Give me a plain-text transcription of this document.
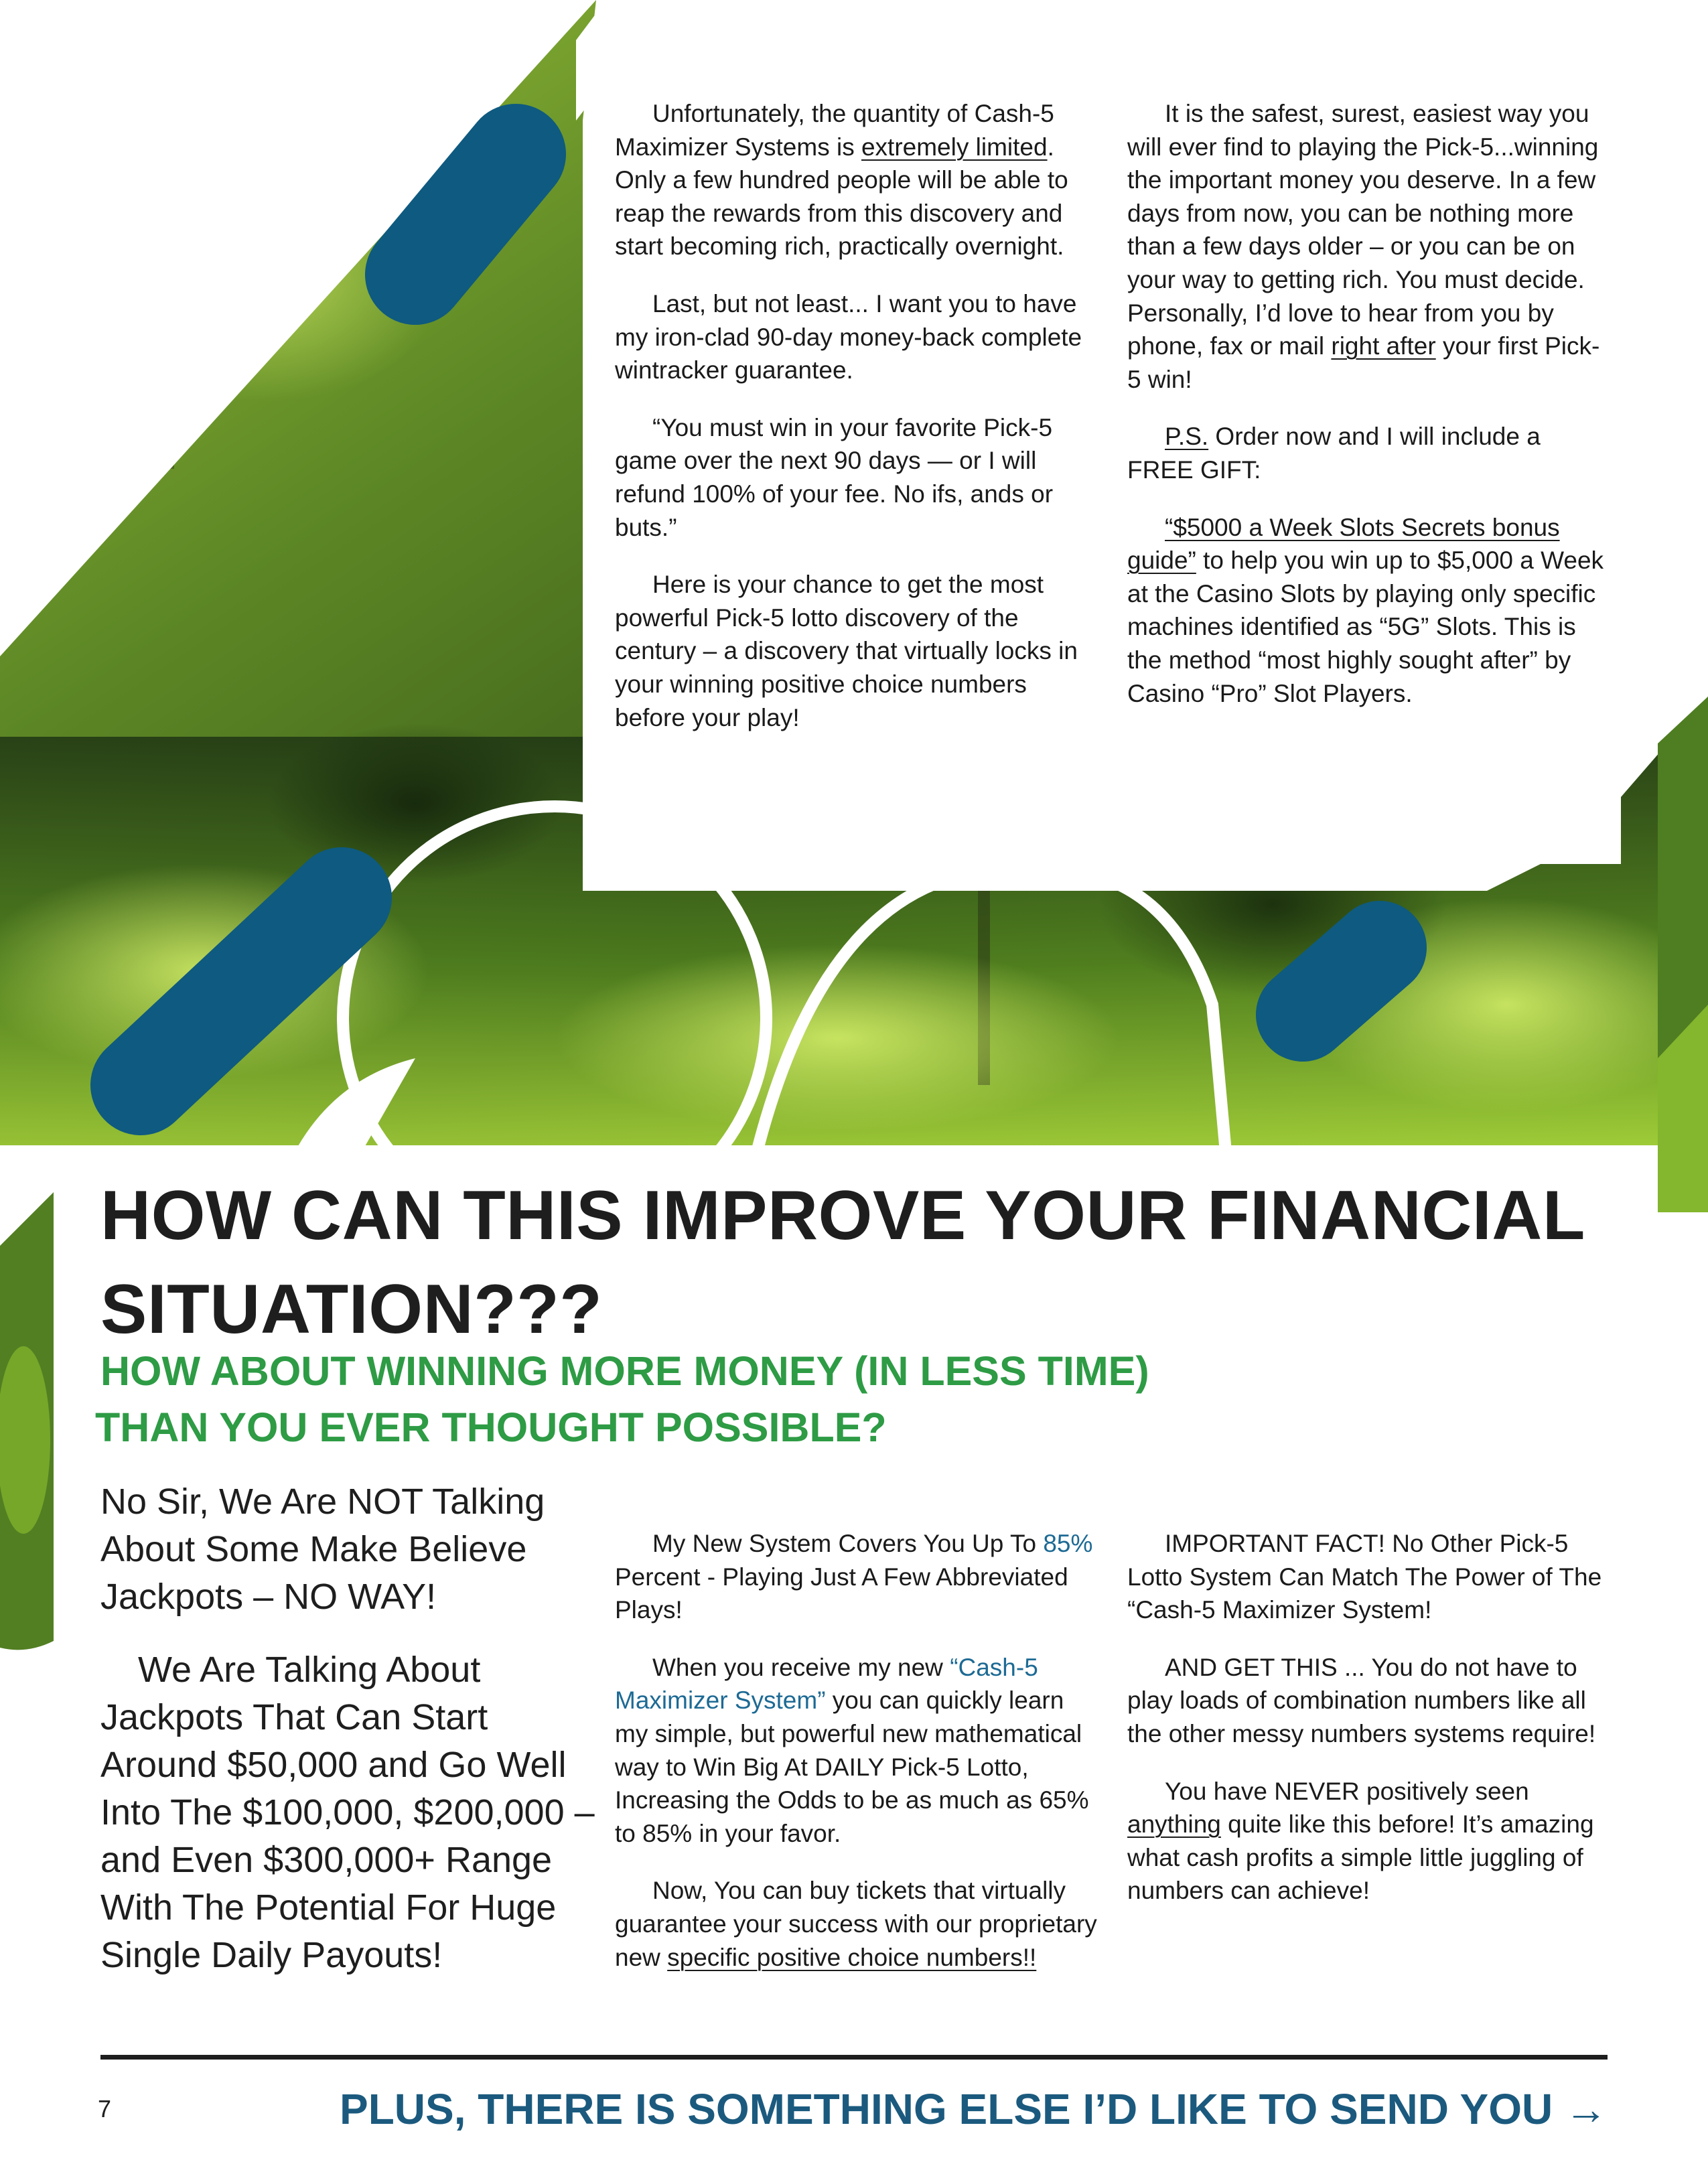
Unfortunately, the quantity of Cash-5 Maximizer Systems is extremely limited. Only a few hundred people will be able to reap the rewards from this discovery and start becoming rich, practically overnight.

Last, but not least... I want you to have my iron-clad 90-day money-back complete wintracker guarantee.

“You must win in your favorite Pick-5 game over the next 90 days — or I will refund 100% of your fee. No ifs, ands or buts.”

Here is your chance to get the most powerful Pick-5 lotto discovery of the century – a discovery that virtually locks in your winning positive choice numbers before your play!

It is the safest, surest, easiest way you will ever find to playing the Pick-5...winning the important money you deserve. In a few days from now, you can be nothing more than a few days older – or you can be on your way to getting rich. You must decide. Personally, I’d love to hear from you by phone, fax or mail right after your first Pick-5 win!

P.S. Order now and I will include a FREE GIFT:

“$5000 a Week Slots Secrets bonus guide” to help you win up to $5,000 a Week at the Casino Slots by playing only specific machines identified as “5G” Slots. This is the method “most highly sought after” by Casino “Pro” Slot Players.

HOW CAN THIS IMPROVE YOUR FINANCIAL SITUATION???
HOW ABOUT WINNING MORE MONEY (IN LESS TIME)
THAN YOU EVER THOUGHT POSSIBLE?
No Sir, We Are NOT Talking About Some Make Believe Jackpots – NO WAY!
We Are Talking About Jackpots That Can Start Around $50,000 and Go Well Into The $100,000, $200,000 – and Even $300,000+ Range With The Potential For Huge Single Daily Payouts!

My New System Covers You Up To 85% Percent - Playing Just A Few Abbreviated Plays!

When you receive my new “Cash-5 Maximizer System” you can quickly learn my simple, but powerful new mathematical way to Win Big At DAILY Pick-5 Lotto, Increasing the Odds to be as much as 65% to 85% in your favor.

Now, You can buy tickets that virtually guarantee your success with our proprietary new specific positive choice numbers!!

IMPORTANT FACT! No Other Pick-5 Lotto System Can Match The Power of The “Cash-5 Maximizer System!

AND GET THIS ... You do not have to play loads of combination numbers like all the other messy numbers systems require!

You have NEVER positively seen anything quite like this before! It’s amazing what cash profits a simple little juggling of numbers can achieve!

7	PLUS, THERE IS SOMETHING ELSE I’D LIKE TO SEND YOU →
